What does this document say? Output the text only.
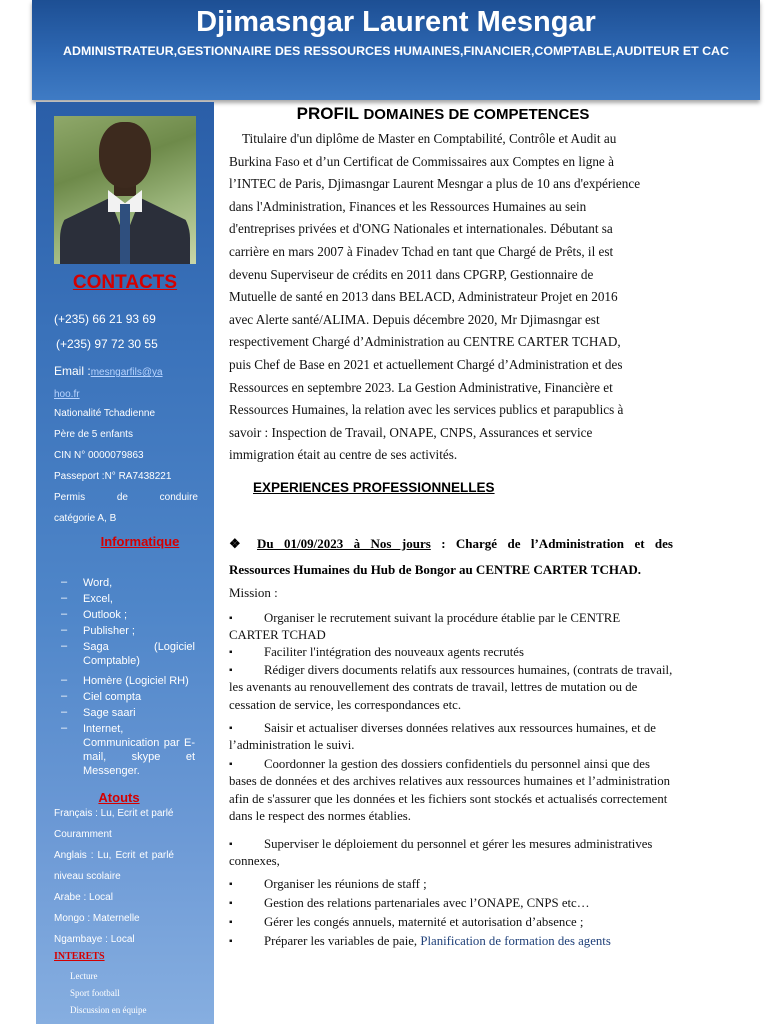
Djimasngar Laurent Mesngar
ADMINISTRATEUR,GESTIONNAIRE DES RESSOURCES HUMAINES,FINANCIER,COMPTABLE,AUDITEUR ET CAC
CONTACTS
(+235) 66 21 93 69
(+235) 97 72 30 55
Email :mesngarfils@ya
hoo.fr
Nationalité Tchadienne
Père de 5 enfants
CIN N° 0000079863
Passeport :N° RA7438221
Permis de conduire
catégorie A, B
Informatique
– Word,
– Excel,
– Outlook ;
– Publisher ;
– Saga (Logiciel Comptable)
– Homère (Logiciel RH)
– Ciel compta
– Sage saari
– Internet, Communication par E-mail, skype et Messenger.
Atouts
Français : Lu, Ecrit et parlé
Couramment
Anglais : Lu, Ecrit et parlé
niveau scolaire
Arabe : Local
Mongo : Maternelle
Ngambaye : Local
INTERETS
Lecture
Sport football
Discussion en équipe
PROFIL DOMAINES DE COMPETENCES
Titulaire d'un diplôme de Master en Comptabilité, Contrôle et Audit au
Burkina Faso et d’un Certificat de Commissaires aux Comptes en ligne à
l’INTEC de Paris, Djimasngar Laurent Mesngar a plus de 10 ans d'expérience
dans l'Administration, Finances et les Ressources Humaines au sein
d'entreprises privées et d'ONG Nationales et internationales. Débutant sa
carrière en mars 2007 à Finadev Tchad en tant que Chargé de Prêts, il est
devenu Superviseur de crédits en 2011 dans CPGRP, Gestionnaire de
Mutuelle de santé en 2013 dans BELACD, Administrateur Projet en 2016
avec Alerte santé/ALIMA. Depuis décembre 2020, Mr Djimasngar est
respectivement Chargé d’Administration au CENTRE CARTER TCHAD,
puis Chef de Base en 2021 et actuellement Chargé d’Administration et des
Ressources en septembre 2023. La Gestion Administrative, Financière et
Ressources Humaines, la relation avec les services publics et parapublics à
savoir : Inspection de Travail, ONAPE, CNPS, Assurances et service
immigration était au centre de ses activités.
EXPERIENCES PROFESSIONNELLES
❖ Du 01/09/2023 à Nos jours : Chargé de l’Administration et des
Ressources Humaines du Hub de Bongor au CENTRE CARTER TCHAD.
Mission :
▪	Organiser le recrutement suivant la procédure établie par le CENTRE CARTER TCHAD
▪	Faciliter l'intégration des nouveaux agents recrutés
▪	Rédiger divers documents relatifs aux ressources humaines, (contrats de travail, les avenants au renouvellement des contrats de travail, lettres de mutation ou de cessation de service, les correspondances etc.
▪	Saisir et actualiser diverses données relatives aux ressources humaines, et de l’administration le suivi.
▪	Coordonner la gestion des dossiers confidentiels du personnel ainsi que des bases de données et des archives relatives aux ressources humaines et l’administration afin de s'assurer que les données et les fichiers sont stockés et actualisés correctement dans le respect des normes établies.
▪	Superviser le déploiement du personnel et gérer les mesures administratives connexes,
▪	Organiser les réunions de staff ;
▪	Gestion des relations partenariales avec l’ONAPE, CNPS etc…
▪	Gérer les congés annuels, maternité et autorisation d’absence ;
▪	Préparer les variables de paie, Planification de formation des agents
